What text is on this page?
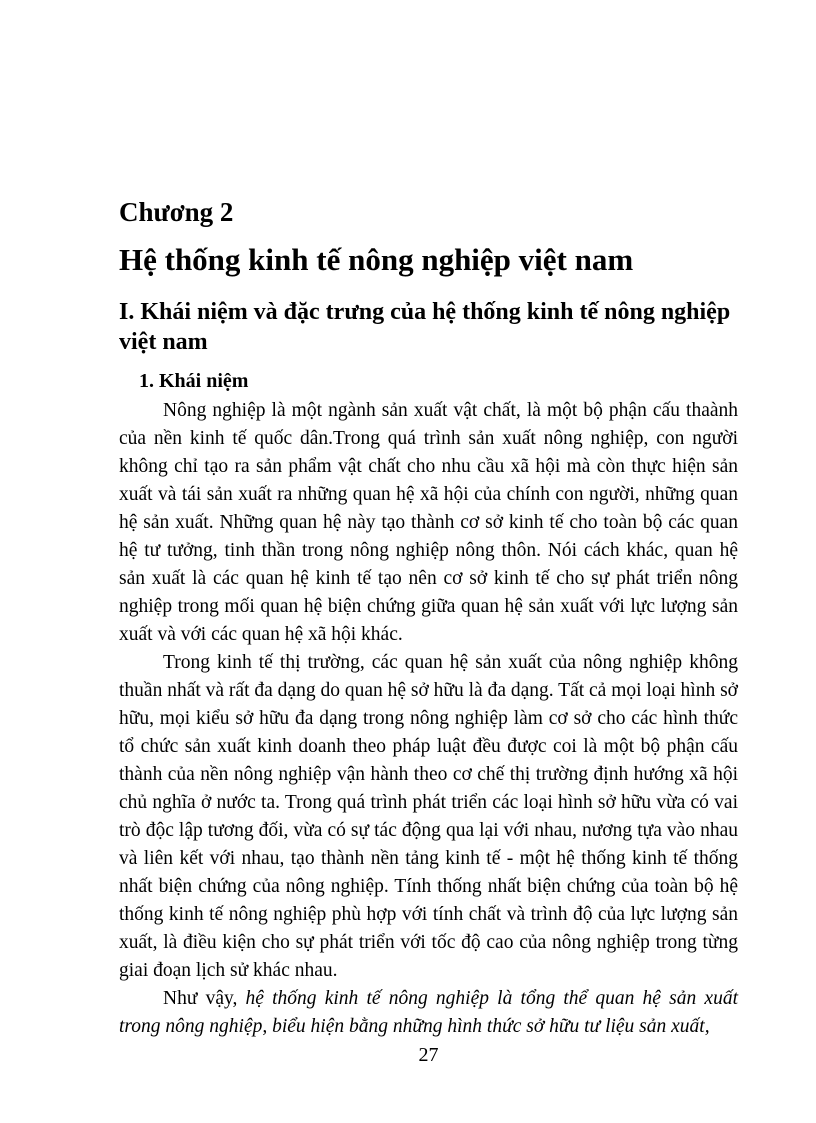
Chương 2
Hệ thống kinh tế nông nghiệp việt nam
I. Khái niệm và đặc trưng của hệ thống kinh tế nông nghiệp việt nam
1. Khái niệm

Nông nghiệp là một ngành sản xuất vật chất, là một bộ phận cấu thaành của nền kinh tế quốc dân.Trong quá trình sản xuất nông nghiệp, con người không chỉ tạo ra sản phẩm vật chất cho nhu cầu xã hội mà còn thực hiện sản xuất và tái sản xuất ra những quan hệ xã hội của chính con người, những quan hệ sản xuất. Những quan hệ này tạo thành cơ sở kinh tế cho toàn bộ các quan hệ tư tưởng, tinh thần trong nông nghiệp nông thôn. Nói cách khác, quan hệ sản xuất là các quan hệ kinh tế tạo nên cơ sở kinh tế cho sự phát triển nông nghiệp trong mối quan hệ biện chứng giữa quan hệ sản xuất với lực lượng sản xuất và với các quan hệ xã hội khác.

Trong kinh tế thị trường, các quan hệ sản xuất của nông nghiệp không thuần nhất và rất đa dạng do quan hệ sở hữu là đa dạng. Tất cả mọi loại hình sở hữu, mọi kiểu sở hữu đa dạng trong nông nghiệp làm cơ sở cho các hình thức tổ chức sản xuất kinh doanh theo pháp luật đều được coi là một bộ phận cấu thành của nền nông nghiệp vận hành theo cơ chế thị trường định hướng xã hội chủ nghĩa ở nước ta. Trong quá trình phát triển các loại hình sở hữu vừa có vai trò độc lập tương đối, vừa có sự tác động qua lại với nhau, nương tựa vào nhau và liên kết với nhau, tạo thành nền tảng kinh tế - một hệ thống kinh tế thống nhất biện chứng của nông nghiệp. Tính thống nhất biện chứng của toàn bộ hệ thống kinh tế nông nghiệp phù hợp với tính chất và trình độ của lực lượng sản xuất, là điều kiện cho sự phát triển với tốc độ cao của nông nghiệp trong từng giai đoạn lịch sử khác nhau.

Như vậy, hệ thống kinh tế nông nghiệp là tổng thể quan hệ sản xuất trong nông nghiệp, biểu hiện bằng những hình thức sở hữu tư liệu sản xuất,

27
